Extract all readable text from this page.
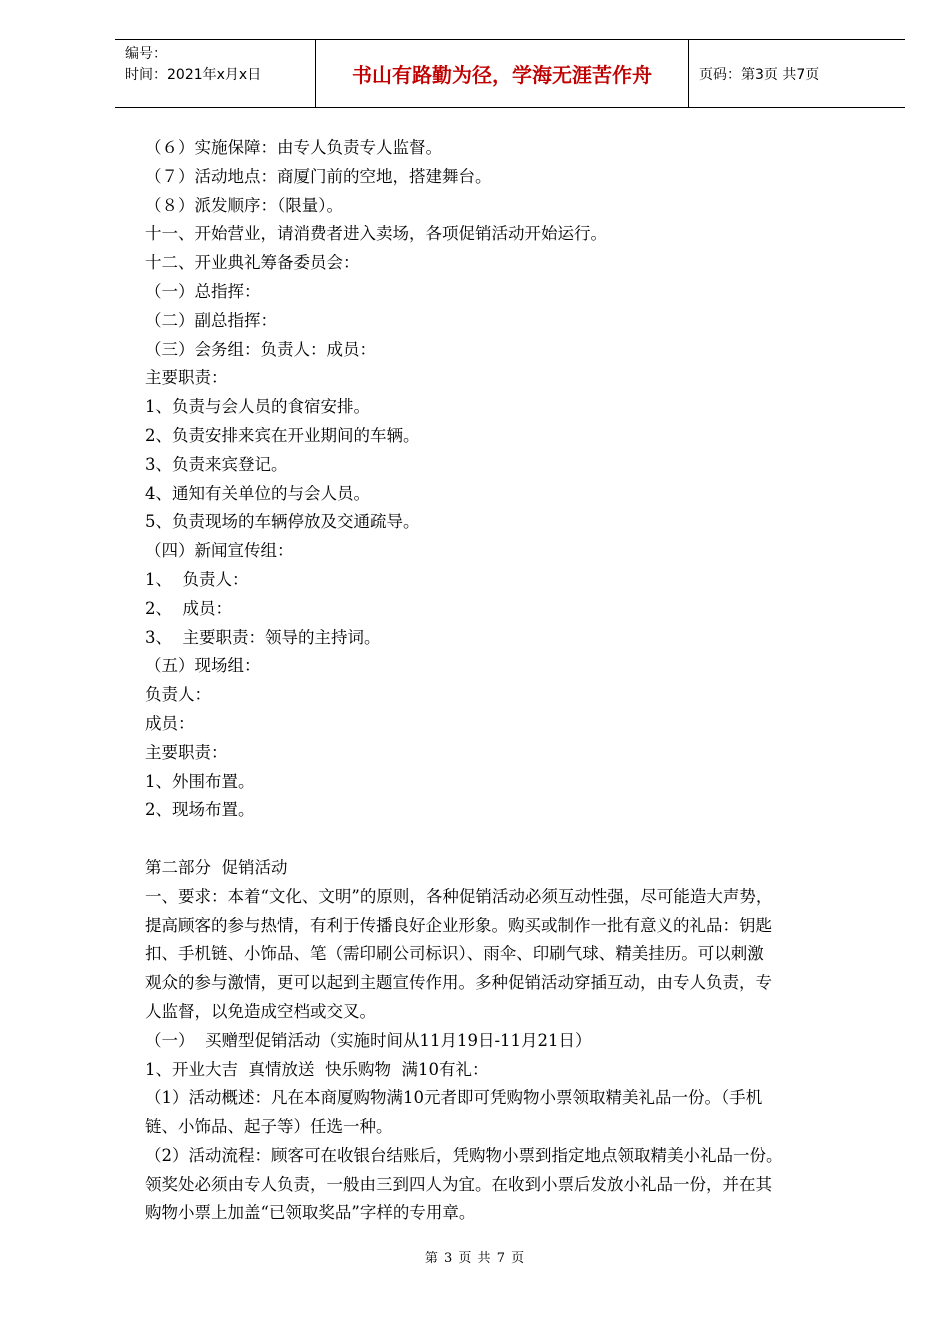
编号：
时间：2021年x月x日	书山有路勤为径，学海无涯苦作舟	页码：第3页 共7页

（６）实施保障：由专人负责专人监督。

（７）活动地点：商厦门前的空地，搭建舞台。

（８）派发顺序：（限量）。

十一、开始营业，请消费者进入卖场，各项促销活动开始运行。

十二、开业典礼筹备委员会：

（一）总指挥：

（二）副总指挥：

（三）会务组：负责人：成员：

主要职责：

1、负责与会人员的食宿安排。

2、负责安排来宾在开业期间的车辆。

3、负责来宾登记。

4、通知有关单位的与会人员。

5、负责现场的车辆停放及交通疏导。

（四）新闻宣传组：

1、  负责人：

2、  成员：

3、  主要职责：领导的主持词。

（五）现场组：

负责人：

成员：

主要职责：

1、外围布置。

2、现场布置。

第二部分  促销活动

一、要求：本着“文化、文明”的原则，各种促销活动必须互动性强，尽可能造大声势，

提高顾客的参与热情，有利于传播良好企业形象。购买或制作一批有意义的礼品：钥匙

扣、手机链、小饰品、笔（需印刷公司标识）、雨伞、印刷气球、精美挂历。可以刺激

观众的参与激情，更可以起到主题宣传作用。多种促销活动穿插互动，由专人负责，专

人监督，以免造成空档或交叉。

（一）  买赠型促销活动（实施时间从11月19日-11月21日）

1、开业大吉  真情放送  快乐购物  满10有礼：

（1）活动概述：凡在本商厦购物满10元者即可凭购物小票领取精美礼品一份。（手机

链、小饰品、起子等）任选一种。

（2）活动流程：顾客可在收银台结账后，凭购物小票到指定地点领取精美小礼品一份。

领奖处必须由专人负责，一般由三到四人为宜。在收到小票后发放小礼品一份，并在其

购物小票上加盖“已领取奖品”字样的专用章。

第 3 页 共 7 页
